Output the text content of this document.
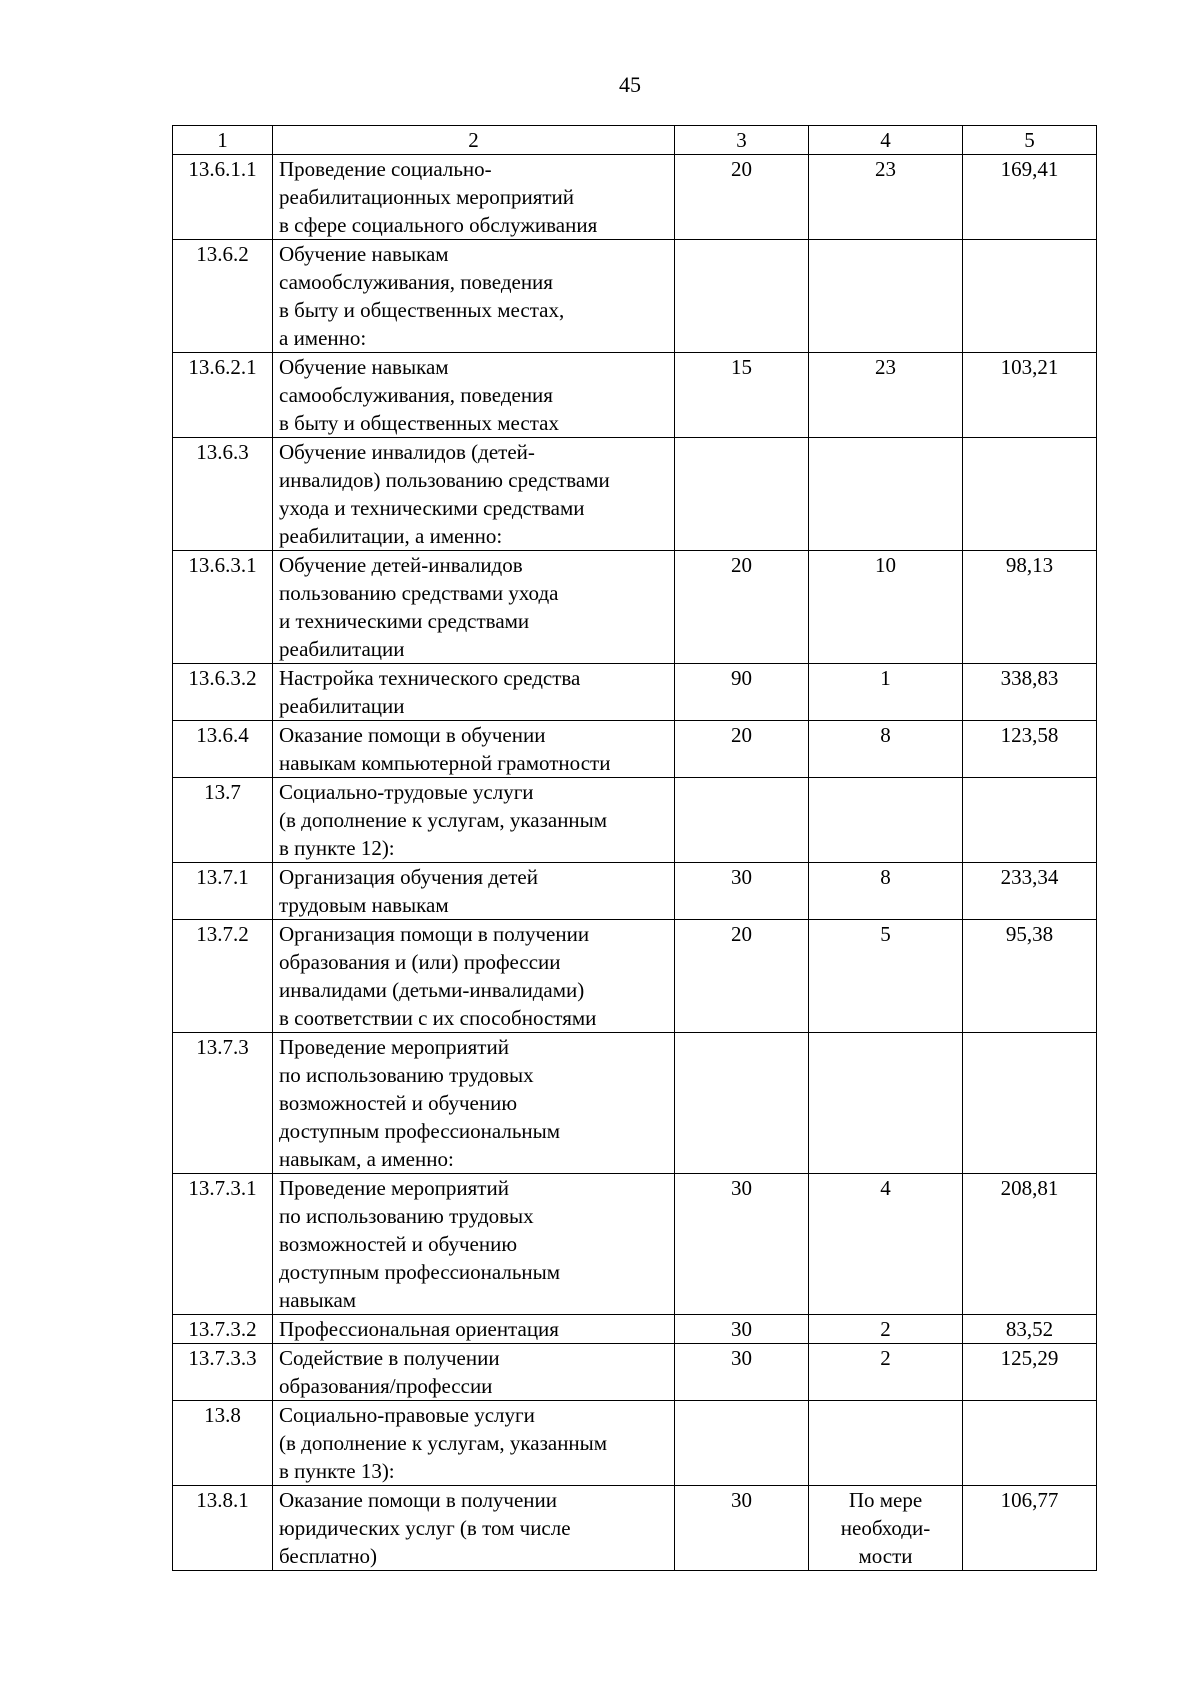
45
1	2	3	4	5
13.6.1.1	Проведение социально-
реабилитационных мероприятий
в сфере социального обслуживания	20	23	169,41
13.6.2	Обучение навыкам
самообслуживания, поведения
в быту и общественных местах,
а именно:			

13.6.2.1	Обучение навыкам
самообслуживания, поведения
в быту и общественных местах	15	23	103,21
13.6.3	Обучение инвалидов (детей-
инвалидов) пользованию средствами
ухода и техническими средствами
реабилитации, а именно:			

13.6.3.1	Обучение детей-инвалидов
пользованию средствами ухода
и техническими средствами
реабилитации	20	10	98,13
13.6.3.2	Настройка технического средства
реабилитации	90	1	338,83
13.6.4	Оказание помощи в обучении
навыкам компьютерной грамотности	20	8	123,58
13.7	Социально-трудовые услуги
(в дополнение к услугам, указанным
в пункте 12):			

13.7.1	Организация обучения детей
трудовым навыкам	30	8	233,34
13.7.2	Организация помощи в получении
образования и (или) профессии
инвалидами (детьми-инвалидами)
в соответствии с их способностями	20	5	95,38
13.7.3	Проведение мероприятий
по использованию трудовых
возможностей и обучению
доступным профессиональным
навыкам, а именно:			

13.7.3.1	Проведение мероприятий
по использованию трудовых
возможностей и обучению
доступным профессиональным
навыкам	30	4	208,81
13.7.3.2	Профессиональная ориентация	30	2	83,52
13.7.3.3	Содействие в получении
образования/профессии	30	2	125,29
13.8	Социально-правовые услуги
(в дополнение к услугам, указанным
в пункте 13):			

13.8.1	Оказание помощи в получении
юридических услуг (в том числе
бесплатно)	30	По мере
необходи-
мости	106,77
